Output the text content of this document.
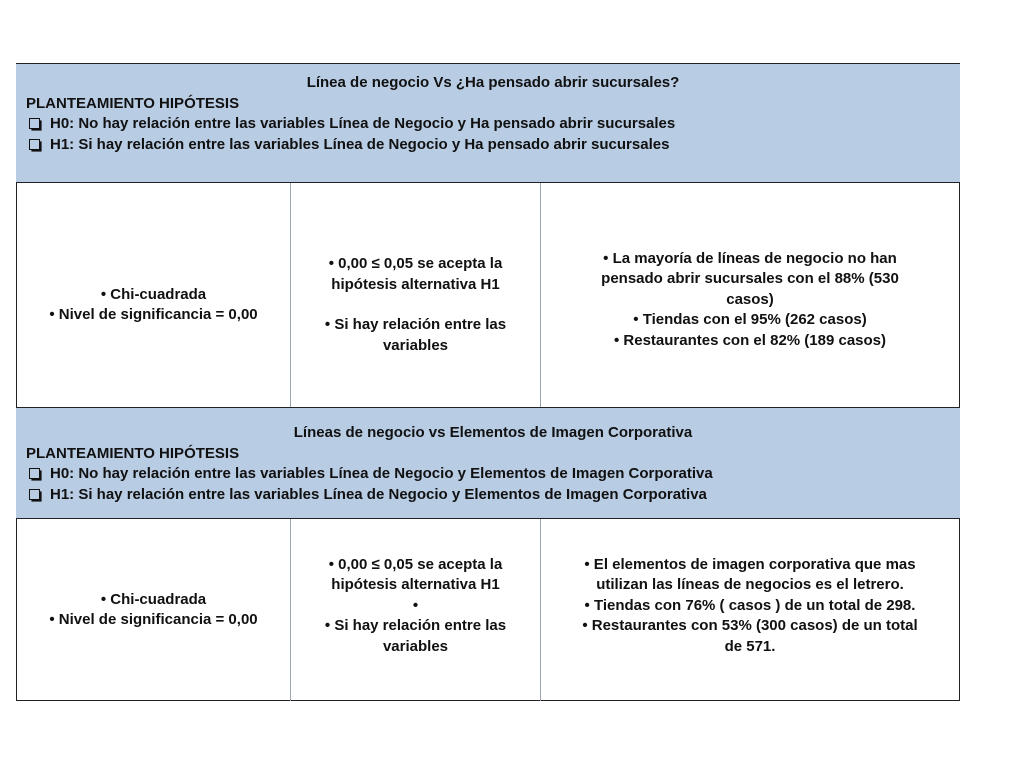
Línea de negocio Vs ¿Ha pensado abrir sucursales?
PLANTEAMIENTO HIPÓTESIS
H0: No hay relación entre las variables Línea de Negocio y Ha pensado abrir sucursales
H1: Si hay relación entre las variables Línea de Negocio y Ha pensado abrir sucursales
• Chi-cuadrada
• Nivel de significancia = 0,00
• 0,00 ≤ 0,05 se acepta la
hipótesis alternativa H1
• Si hay relación entre las
variables
• La mayoría de líneas de negocio no han
pensado abrir sucursales con el 88% (530
casos)
• Tiendas con el 95% (262 casos)
• Restaurantes con el 82% (189 casos)
Líneas de negocio vs Elementos de Imagen Corporativa
PLANTEAMIENTO HIPÓTESIS
H0: No hay relación entre las variables Línea de Negocio y Elementos de Imagen Corporativa
H1: Si hay relación entre las variables Línea de Negocio y Elementos de Imagen Corporativa
• Chi-cuadrada
• Nivel de significancia = 0,00
• 0,00 ≤ 0,05 se acepta la
hipótesis alternativa H1
•
• Si hay relación entre las
variables
• El elementos de imagen corporativa que mas
utilizan las líneas de negocios es el letrero.
• Tiendas con 76% ( casos ) de un total de 298.
• Restaurantes con 53% (300 casos) de un total
de 571.
